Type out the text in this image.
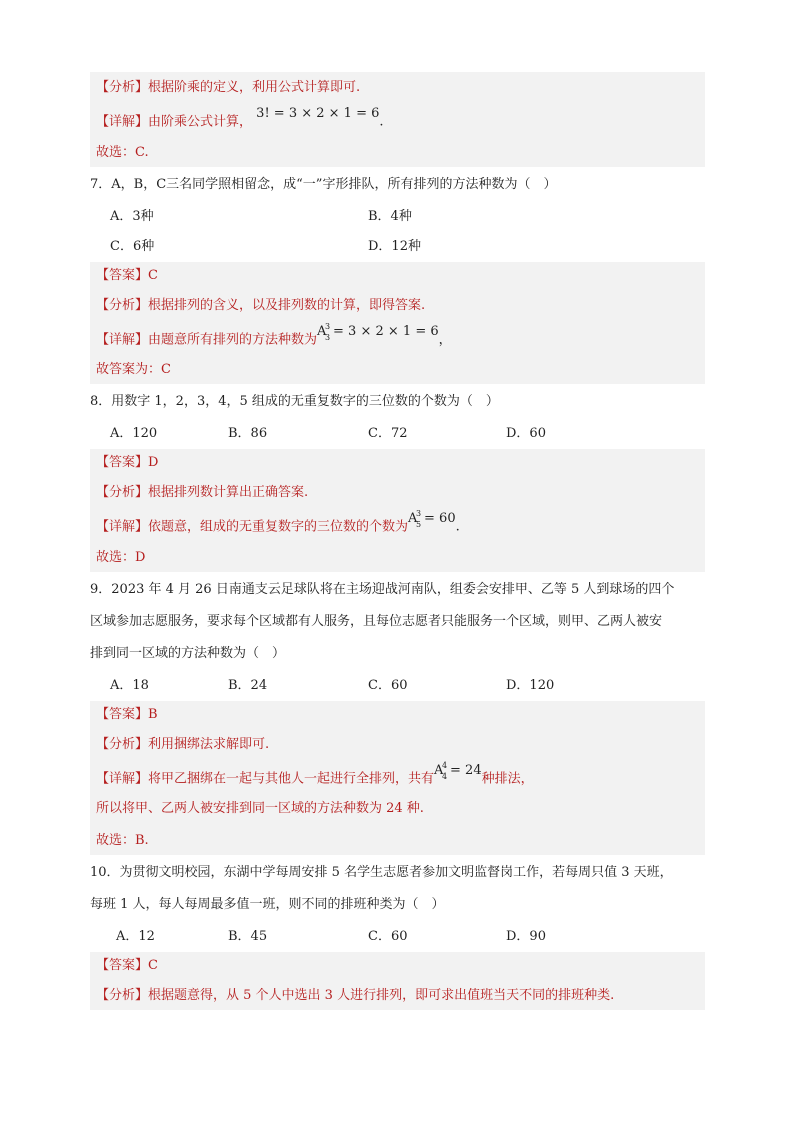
【分析】根据阶乘的定义，利用公式计算即可.
【详解】由阶乘公式计算， 3! = 3 × 2 × 1 = 6.
故选：C.
7．A，B，C三名同学照相留念，成“一”字形排队，所有排列的方法种数为（　）
A．3种	B．4种
C．6种	D．12种
【答案】C
【分析】根据排列的含义，以及排列数的计算，即得答案.
【详解】由题意所有排列的方法种数为A
3
3 = 3 × 2 × 1 = 6，
故答案为：C
8．用数字 1，2，3，4，5 组成的无重复数字的三位数的个数为（　）
A．120	B．86	C．72	D．60
【答案】D
【分析】根据排列数计算出正确答案.
【详解】依题意，组成的无重复数字的三位数的个数为A
3
5 = 60.
故选：D
9．2023 年 4 月 26 日南通支云足球队将在主场迎战河南队，组委会安排甲、乙等 5 人到球场的四个
区域参加志愿服务，要求每个区域都有人服务，且每位志愿者只能服务一个区域，则甲、乙两人被安
排到同一区域的方法种数为（　）
A．18	B．24	C．60	D．120
【答案】B
【分析】利用捆绑法求解即可.
【详解】将甲乙捆绑在一起与其他人一起进行全排列，共有A
4
4 = 24种排法，
所以将甲、乙两人被安排到同一区域的方法种数为 24 种.
故选：B.
10．为贯彻文明校园，东湖中学每周安排 5 名学生志愿者参加文明监督岗工作，若每周只值 3 天班，
每班 1 人，每人每周最多值一班，则不同的排班种类为（　）
A．12	B．45	C．60	D．90
【答案】C
【分析】根据题意得，从 5 个人中选出 3 人进行排列，即可求出值班当天不同的排班种类.
